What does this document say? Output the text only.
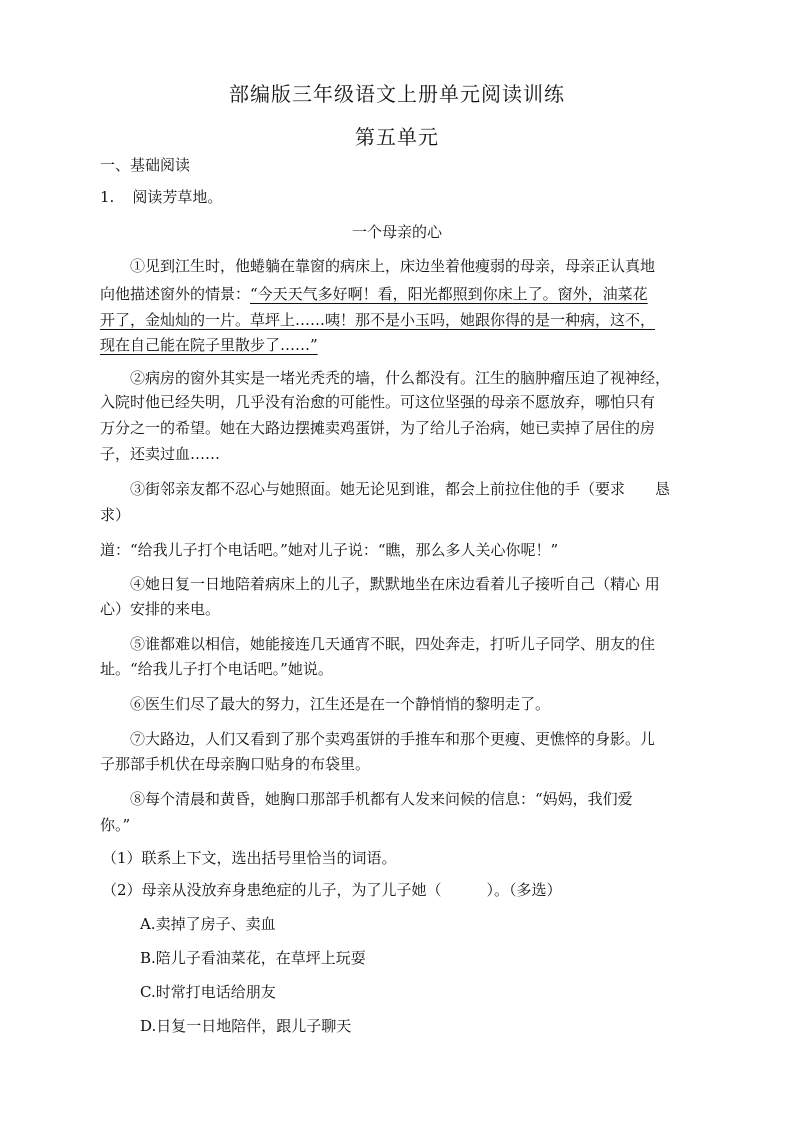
部编版三年级语文上册单元阅读训练
第五单元
一、基础阅读
1. 阅读芳草地。
一个母亲的心
①见到江生时，他蜷躺在靠窗的病床上，床边坐着他瘦弱的母亲，母亲正认真地
向他描述窗外的情景：“今天天气多好啊！看，阳光都照到你床上了。窗外，油菜花
开了，金灿灿的一片。草坪上……咦！那不是小玉吗，她跟你得的是一种病，这不，
现在自己能在院子里散步了……”
②病房的窗外其实是一堵光秃秃的墙，什么都没有。江生的脑肿瘤压迫了视神经，
入院时他已经失明，几乎没有治愈的可能性。可这位坚强的母亲不愿放弃，哪怕只有
万分之一的希望。她在大路边摆摊卖鸡蛋饼，为了给儿子治病，她已卖掉了居住的房
子，还卖过血……
③街邻亲友都不忍心与她照面。她无论见到谁，都会上前拉住他的手（要求 恳
求）
道：“给我儿子打个电话吧。”她对儿子说：“瞧，那么多人关心你呢！”
④她日复一日地陪着病床上的儿子，默默地坐在床边看着儿子接听自己（精心 用
心）安排的来电。
⑤谁都难以相信，她能接连几天通宵不眠，四处奔走，打听儿子同学、朋友的住
址。“给我儿子打个电话吧。”她说。
⑥医生们尽了最大的努力，江生还是在一个静悄悄的黎明走了。
⑦大路边，人们又看到了那个卖鸡蛋饼的手推车和那个更瘦、更憔悴的身影。儿
子那部手机伏在母亲胸口贴身的布袋里。
⑧每个清晨和黄昏，她胸口那部手机都有人发来问候的信息：“妈妈，我们爱
你。”
（1）联系上下文，选出括号里恰当的词语。
（2）母亲从没放弃身患绝症的儿子，为了儿子她（　　　）。（多选）
A.卖掉了房子、卖血
B.陪儿子看油菜花，在草坪上玩耍
C.时常打电话给朋友
D.日复一日地陪伴，跟儿子聊天
